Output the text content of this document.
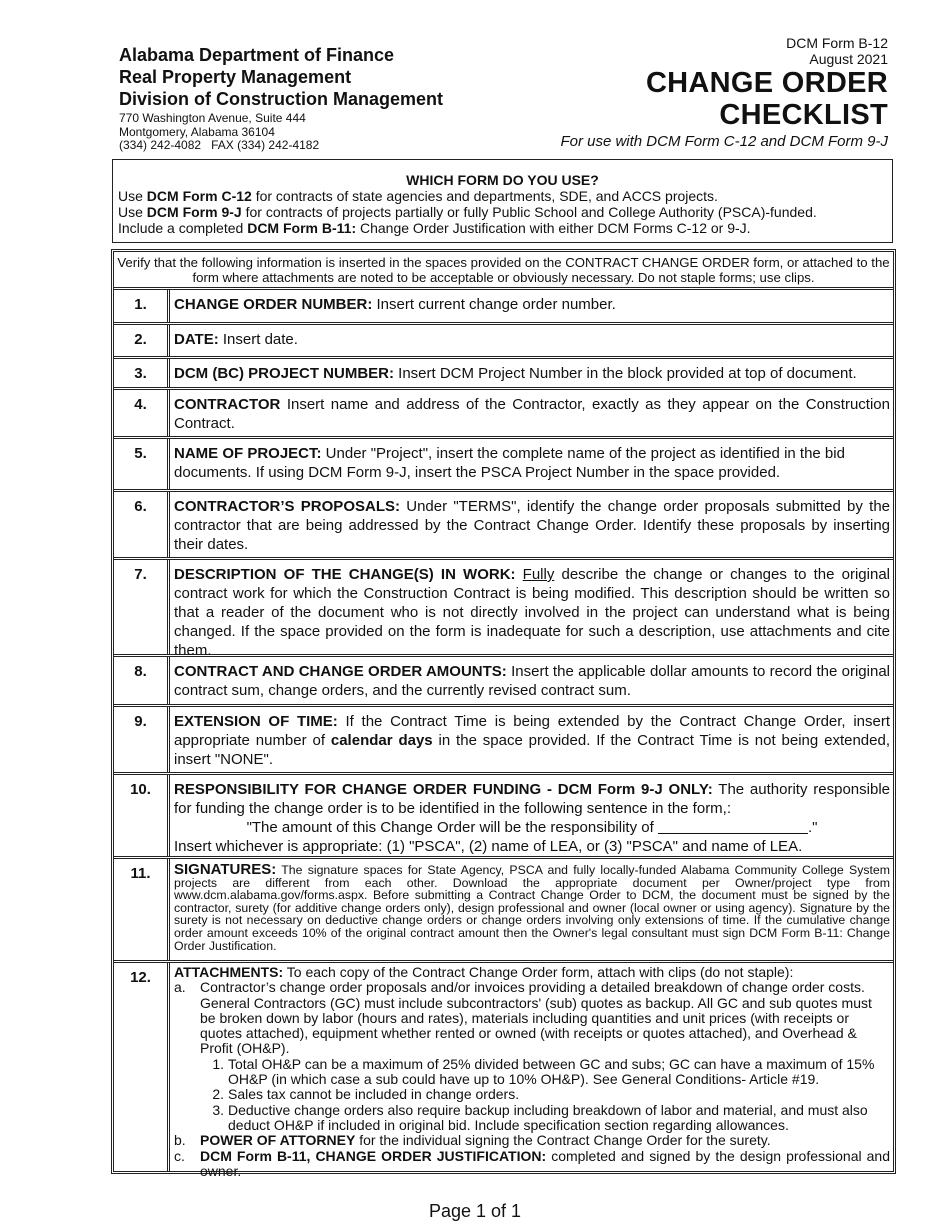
Alabama Department of Finance
Real Property Management
Division of Construction Management
770 Washington Avenue, Suite 444
Montgomery, Alabama 36104
(334) 242-4082   FAX (334) 242-4182
DCM Form B-12
August 2021
CHANGE ORDER
CHECKLIST
For use with DCM Form C-12 and DCM Form 9-J
WHICH FORM DO YOU USE?
Use DCM Form C-12 for contracts of state agencies and departments, SDE, and ACCS projects.
Use DCM Form 9-J for contracts of projects partially or fully Public School and College Authority (PSCA)-funded.
Include a completed DCM Form B-11: Change Order Justification with either DCM Forms C-12 or 9-J.
Verify that the following information is inserted in the spaces provided on the CONTRACT CHANGE ORDER form, or attached to the form where attachments are noted to be acceptable or obviously necessary. Do not staple forms; use clips.
1.	CHANGE ORDER NUMBER: Insert current change order number.
2.	DATE: Insert date.
3.	DCM (BC) PROJECT NUMBER: Insert DCM Project Number in the block provided at top of document.
4.	CONTRACTOR Insert name and address of the Contractor, exactly as they appear on the Construction Contract.
5.	NAME OF PROJECT: Under "Project", insert the complete name of the project as identified in the bid documents. If using DCM Form 9-J, insert the PSCA Project Number in the space provided.
6.	CONTRACTOR’S PROPOSALS: Under "TERMS", identify the change order proposals submitted by the contractor that are being addressed by the Contract Change Order. Identify these proposals by inserting their dates.
7.	DESCRIPTION OF THE CHANGE(S) IN WORK: Fully describe the change or changes to the original contract work for which the Construction Contract is being modified. This description should be written so that a reader of the document who is not directly involved in the project can understand what is being changed. If the space provided on the form is inadequate for such a description, use attachments and cite them.
8.	CONTRACT AND CHANGE ORDER AMOUNTS: Insert the applicable dollar amounts to record the original contract sum, change orders, and the currently revised contract sum.
9.	EXTENSION OF TIME: If the Contract Time is being extended by the Contract Change Order, insert appropriate number of calendar days in the space provided. If the Contract Time is not being extended, insert "NONE".
10.	RESPONSIBILITY FOR CHANGE ORDER FUNDING - DCM Form 9-J ONLY: The authority responsible for funding the change order is to be identified in the following sentence in the form,:
"The amount of this Change Order will be the responsibility of	."
Insert whichever is appropriate: (1) "PSCA", (2) name of LEA, or (3) "PSCA" and name of LEA.
11.	SIGNATURES: The signature spaces for State Agency, PSCA and fully locally-funded Alabama Community College System projects are different from each other. Download the appropriate document per Owner/project type from www.dcm.alabama.gov/forms.aspx. Before submitting a Contract Change Order to DCM, the document must be signed by the contractor, surety (for additive change orders only), design professional and owner (local owner or using agency). Signature by the surety is not necessary on deductive change orders or change orders involving only extensions of time. If the cumulative change order amount exceeds 10% of the original contract amount then the Owner's legal consultant must sign DCM Form B-11: Change Order Justification.
12.	ATTACHMENTS: To each copy of the Contract Change Order form, attach with clips (do not staple):
a.	Contractor’s change order proposals and/or invoices providing a detailed breakdown of change order costs. General Contractors (GC) must include subcontractors' (sub) quotes as backup. All GC and sub quotes must be broken down by labor (hours and rates), materials including quantities and unit prices (with receipts or quotes attached), equipment whether rented or owned (with receipts or quotes attached), and Overhead & Profit (OH&P).
1. Total OH&P can be a maximum of 25% divided between GC and subs; GC can have a maximum of 15% OH&P (in which case a sub could have up to 10% OH&P). See General Conditions- Article #19.
2. Sales tax cannot be included in change orders.
3. Deductive change orders also require backup including breakdown of labor and material, and must also deduct OH&P if included in original bid. Include specification section regarding allowances.
b.	POWER OF ATTORNEY for the individual signing the Contract Change Order for the surety.
c.	DCM Form B-11, CHANGE ORDER JUSTIFICATION: completed and signed by the design professional and owner.
Page 1 of 1
